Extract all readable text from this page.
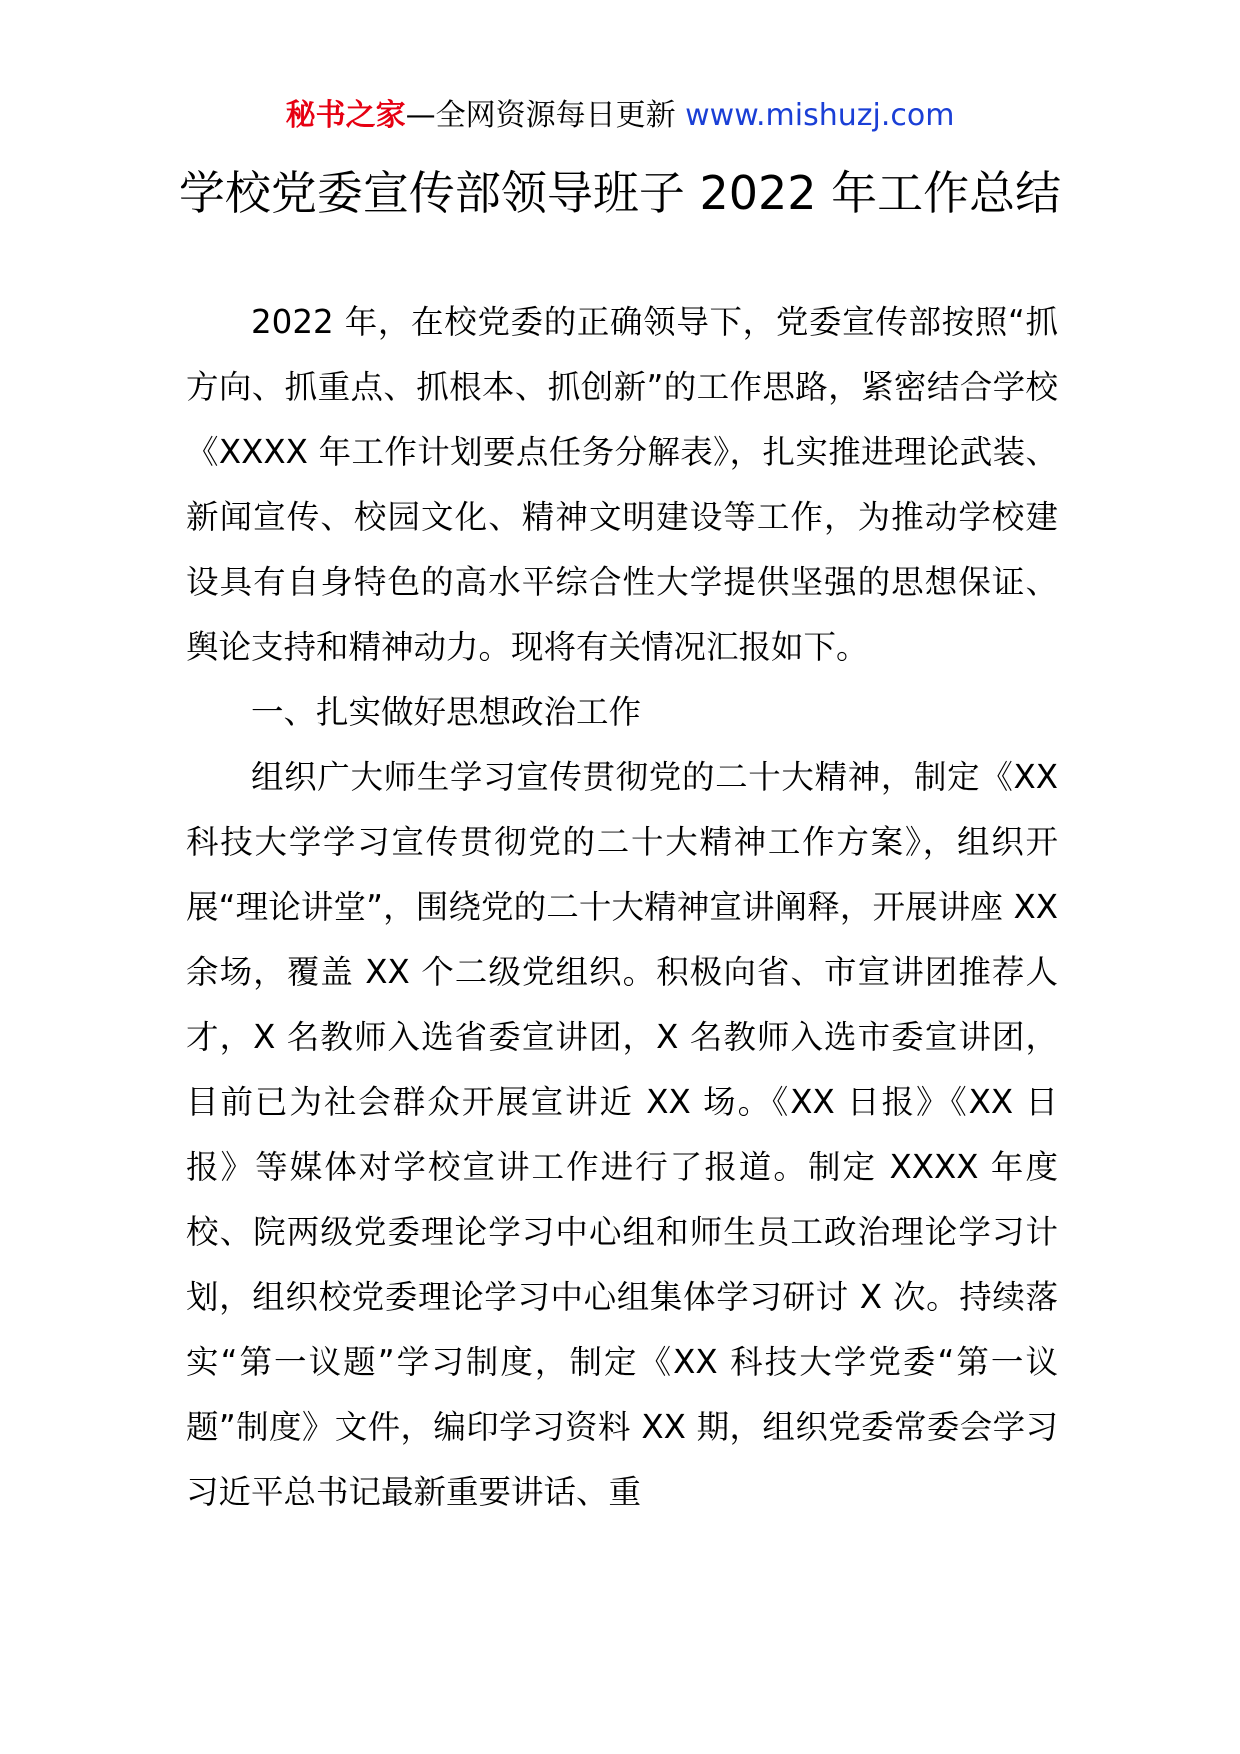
秘书之家—全网资源每日更新 www.mishuzj.com
学校党委宣传部领导班子 2022 年工作总结

2022 年，在校党委的正确领导下，党委宣传部按照“抓方向、抓重点、抓根本、抓创新”的工作思路，紧密结合学校《XXXX 年工作计划要点任务分解表》，扎实推进理论武装、新闻宣传、校园文化、精神文明建设等工作，为推动学校建设具有自身特色的高水平综合性大学提供坚强的思想保证、舆论支持和精神动力。现将有关情况汇报如下。

一、扎实做好思想政治工作

组织广大师生学习宣传贯彻党的二十大精神，制定《XX 科技大学学习宣传贯彻党的二十大精神工作方案》，组织开展“理论讲堂”，围绕党的二十大精神宣讲阐释，开展讲座 XX 余场，覆盖 XX 个二级党组织。积极向省、市宣讲团推荐人才，X 名教师入选省委宣讲团，X 名教师入选市委宣讲团，目前已为社会群众开展宣讲近 XX 场。《XX 日报》《XX 日报》等媒体对学校宣讲工作进行了报道。制定 XXXX 年度校、院两级党委理论学习中心组和师生员工政治理论学习计划，组织校党委理论学习中心组集体学习研讨 X 次。持续落实“第一议题”学习制度，制定《XX 科技大学党委“第一议题”制度》文件，编印学习资料 XX 期，组织党委常委会学习习近平总书记最新重要讲话、重
